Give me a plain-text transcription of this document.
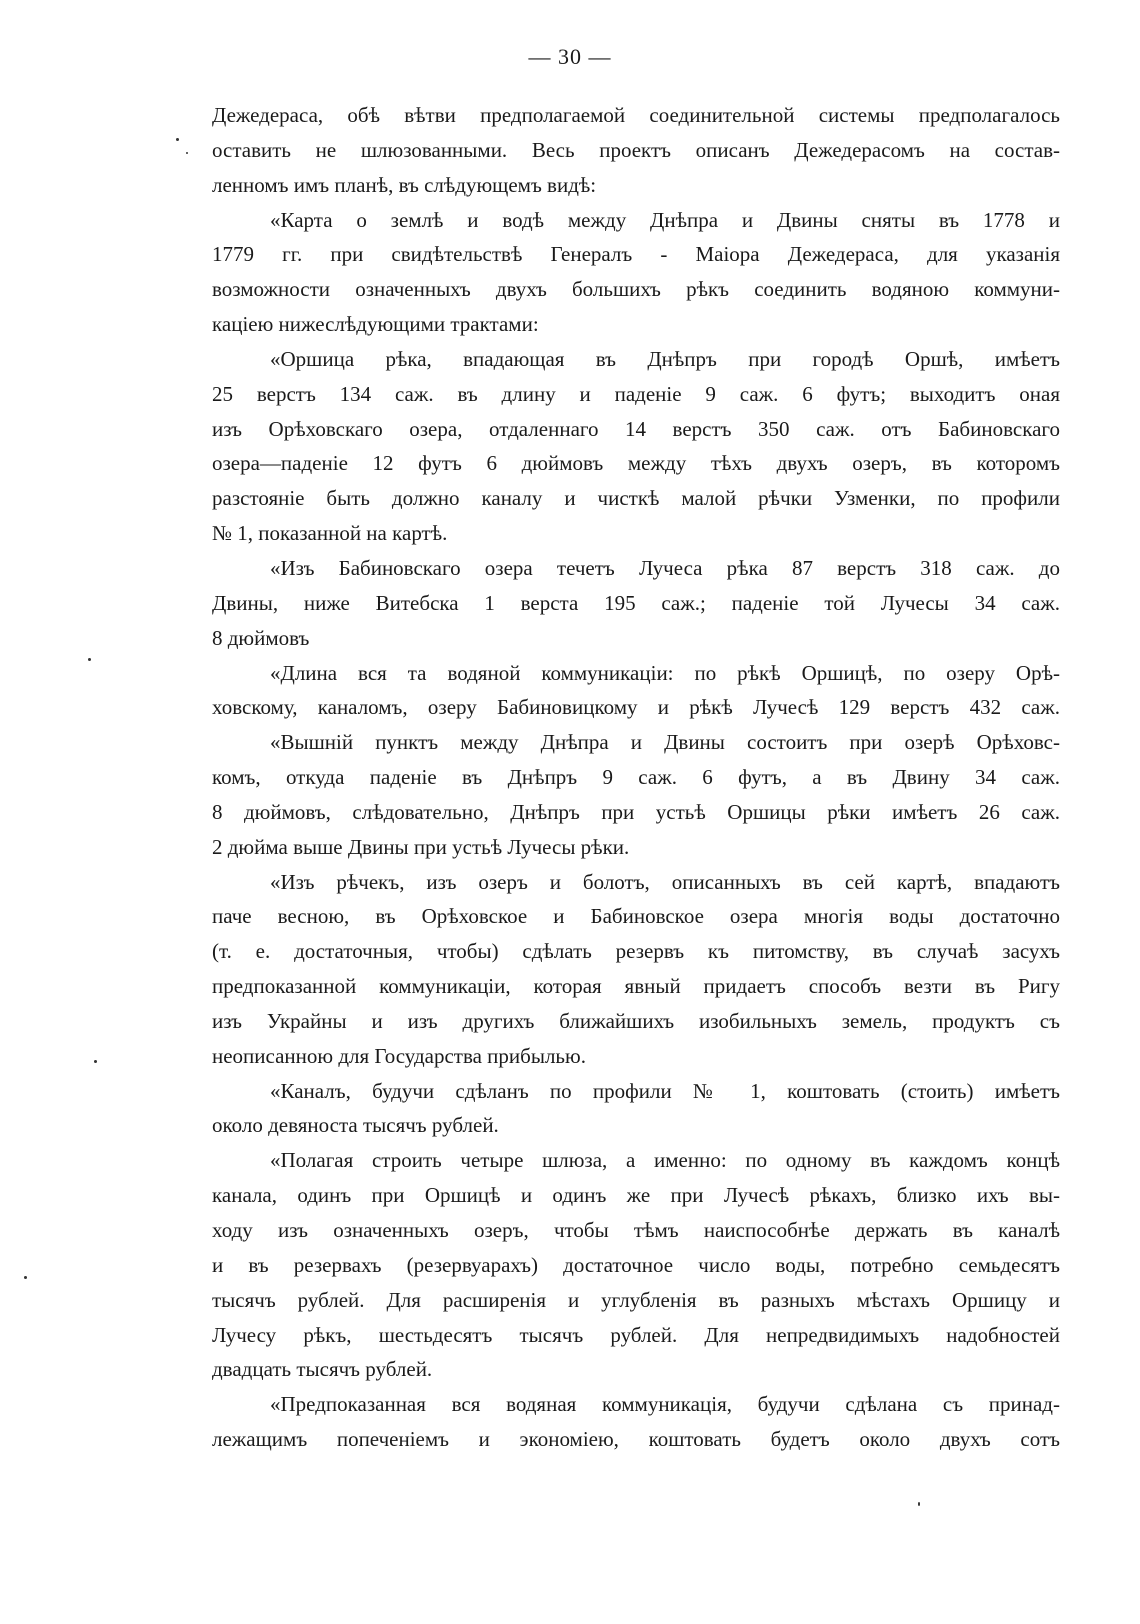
— 30 —
Дежедераса, обѣ вѣтви предполагаемой соединительной системы предполагалось
оставить не шлюзованными. Весь проектъ описанъ Дежедерасомъ на состав-
ленномъ имъ планѣ, въ слѣдующемъ видѣ:
«Карта о землѣ и водѣ между Днѣпра и Двины сняты въ 1778 и
1779 гг. при свидѣтельствѣ Генералъ - Маіора Дежедераса, для указанія
возможности означенныхъ двухъ большихъ рѣкъ соединить водяною коммуни-
каціею нижеслѣдующими трактами:
«Оршица рѣка, впадающая въ Днѣпръ при городѣ Оршѣ, имѣетъ
25 верстъ 134 саж. въ длину и паденіе 9 саж. 6 футъ; выходитъ оная
изъ Орѣховскаго озера, отдаленнаго 14 верстъ 350 саж. отъ Бабиновскаго
озера—паденіе 12 футъ 6 дюймовъ между тѣхъ двухъ озеръ, въ которомъ
разстояніе быть должно каналу и чисткѣ малой рѣчки Узменки, по профили
№ 1, показанной на картѣ.
«Изъ Бабиновскаго озера течетъ Лучеса рѣка 87 верстъ 318 саж. до
Двины, ниже Витебска 1 верста 195 саж.; паденіе той Лучесы 34 саж.
8 дюймовъ
«Длина вся та водяной коммуникаціи: по рѣкѣ Оршицѣ, по озеру Орѣ-
ховскому, каналомъ, озеру Бабиновицкому и рѣкѣ Лучесѣ 129 верстъ 432 саж.
«Вышній пунктъ между Днѣпра и Двины состоитъ при озерѣ Орѣховс-
комъ, откуда паденіе въ Днѣпръ 9 саж. 6 футъ, а въ Двину 34 саж.
8 дюймовъ, слѣдовательно, Днѣпръ при устьѣ Оршицы рѣки имѣетъ 26 саж.
2 дюйма выше Двины при устьѣ Лучесы рѣки.
«Изъ рѣчекъ, изъ озеръ и болотъ, описанныхъ въ сей картѣ, впадаютъ
паче весною, въ Орѣховское и Бабиновское озера многія воды достаточно
(т. е. достаточныя, чтобы) сдѣлать резервъ къ питомству, въ случаѣ засухъ
предпоказанной коммуникаціи, которая явный придаетъ способъ везти въ Ригу
изъ Украйны и изъ другихъ ближайшихъ изобильныхъ земель, продуктъ съ
неописанною для Государства прибылью.
«Каналъ, будучи сдѣланъ по профили № 1, коштовать (стоить) имѣетъ
около девяноста тысячъ рублей.
«Полагая строить четыре шлюза, а именно: по одному въ каждомъ концѣ
канала, одинъ при Оршицѣ и одинъ же при Лучесѣ рѣкахъ, близко ихъ вы-
ходу изъ означенныхъ озеръ, чтобы тѣмъ наиспособнѣе держать въ каналѣ
и въ резервахъ (резервуарахъ) достаточное число воды, потребно семьдесятъ
тысячъ рублей. Для расширенія и углубленія въ разныхъ мѣстахъ Оршицу и
Лучесу рѣкъ, шестьдесятъ тысячъ рублей. Для непредвидимыхъ надобностей
двадцать тысячъ рублей.
«Предпоказанная вся водяная коммуникація, будучи сдѣлана съ принад-
лежащимъ попеченіемъ и экономіею, коштовать будетъ около двухъ сотъ
